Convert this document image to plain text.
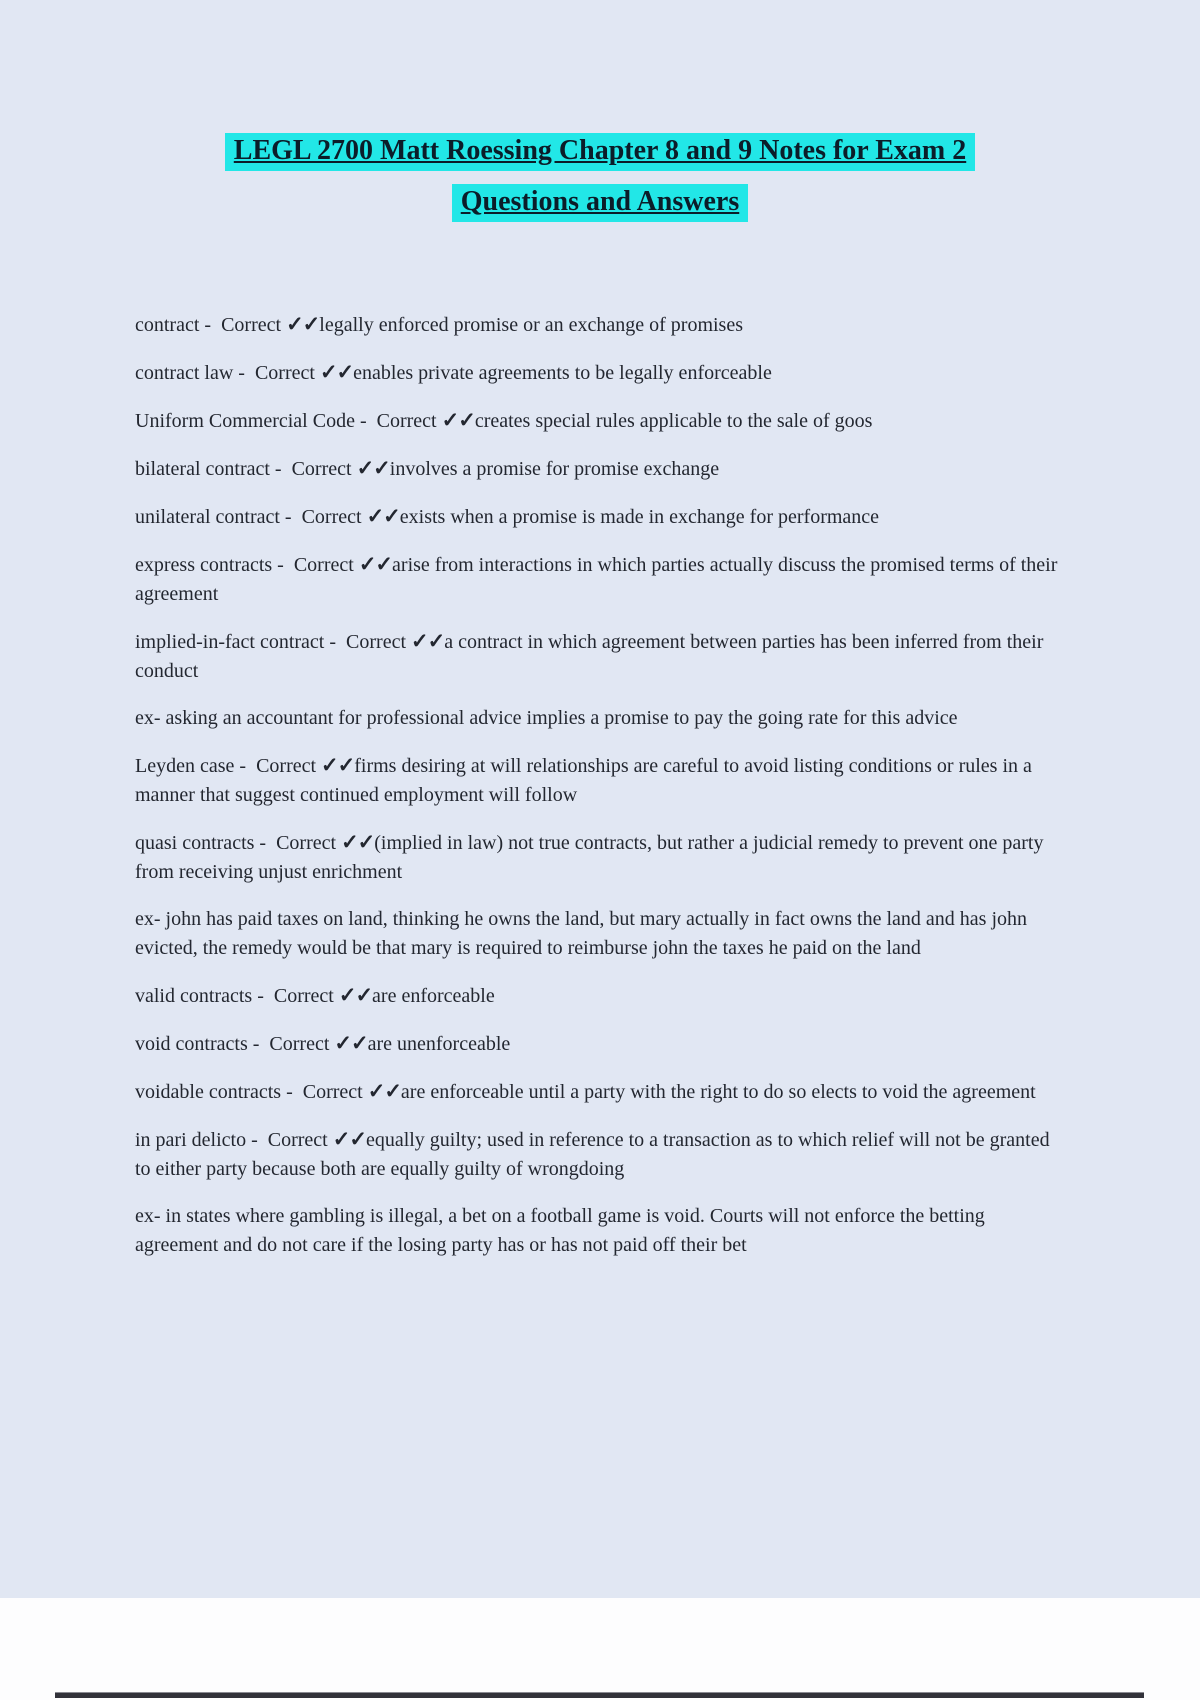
LEGL 2700 Matt Roessing Chapter 8 and 9 Notes for Exam 2
Questions and Answers

contract -  Correct ✓✓legally enforced promise or an exchange of promises

contract law -  Correct ✓✓enables private agreements to be legally enforceable

Uniform Commercial Code -  Correct ✓✓creates special rules applicable to the sale of goos

bilateral contract -  Correct ✓✓involves a promise for promise exchange

unilateral contract -  Correct ✓✓exists when a promise is made in exchange for performance

express contracts -  Correct ✓✓arise from interactions in which parties actually discuss the promised terms of their agreement

implied-in-fact contract -  Correct ✓✓a contract in which agreement between parties has been inferred from their conduct

ex- asking an accountant for professional advice implies a promise to pay the going rate for this advice

Leyden case -  Correct ✓✓firms desiring at will relationships are careful to avoid listing conditions or rules in a manner that suggest continued employment will follow

quasi contracts -  Correct ✓✓(implied in law) not true contracts, but rather a judicial remedy to prevent one party from receiving unjust enrichment

ex- john has paid taxes on land, thinking he owns the land, but mary actually in fact owns the land and has john evicted, the remedy would be that mary is required to reimburse john the taxes he paid on the land

valid contracts -  Correct ✓✓are enforceable

void contracts -  Correct ✓✓are unenforceable

voidable contracts -  Correct ✓✓are enforceable until a party with the right to do so elects to void the agreement

in pari delicto -  Correct ✓✓equally guilty; used in reference to a transaction as to which relief will not be granted to either party because both are equally guilty of wrongdoing

ex- in states where gambling is illegal, a bet on a football game is void. Courts will not enforce the betting agreement and do not care if the losing party has or has not paid off their bet
